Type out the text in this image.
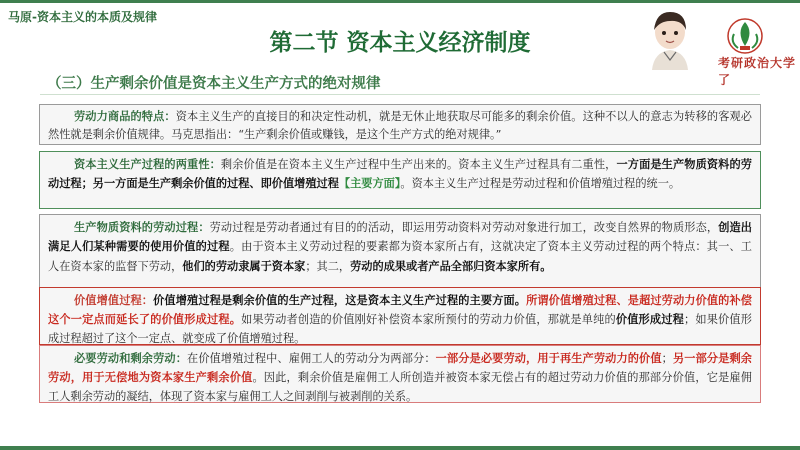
马原-资本主义的本质及规律
第二节 资本主义经济制度
考研政治大学了
（三）生产剩余价值是资本主义生产方式的绝对规律
劳动力商品的特点：资本主义生产的直接目的和决定性动机，就是无休止地获取尽可能多的剩余价值。这种不以人的意志为转移的客观必然性就是剩余价值规律。马克思指出：“生产剩余价值或赚钱，是这个生产方式的绝对规律。”
资本主义生产过程的两重性：剩余价值是在资本主义生产过程中生产出来的。资本主义生产过程具有二重性，一方面是生产物质资料的劳动过程；另一方面是生产剩余价值的过程、即价值增殖过程【主要方面】。资本主义生产过程是劳动过程和价值增殖过程的统一。
生产物质资料的劳动过程：劳动过程是劳动者通过有目的的活动，即运用劳动资料对劳动对象进行加工，改变自然界的物质形态，创造出满足人们某种需要的使用价值的过程。由于资本主义劳动过程的要素都为资本家所占有，这就决定了资本主义劳动过程的两个特点：其一、工人在资本家的监督下劳动，他们的劳动隶属于资本家；其二，劳动的成果或者产品全部归资本家所有。
价值增值过程：价值增殖过程是剩余价值的生产过程，这是资本主义生产过程的主要方面。所谓价值增殖过程、是超过劳动力价值的补偿这个一定点而延长了的价值形成过程。如果劳动者创造的价值刚好补偿资本家所预付的劳动力价值，那就是单纯的价值形成过程；如果价值形成过程超过了这个一定点、就变成了价值增殖过程。
必要劳动和剩余劳动：在价值增殖过程中、雇佣工人的劳动分为两部分：一部分是必要劳动，用于再生产劳动力的价值；另一部分是剩余劳动，用于无偿地为资本家生产剩余价值。因此，剩余价值是雇佣工人所创造并被资本家无偿占有的超过劳动力价值的那部分价值，它是雇佣工人剩余劳动的凝结，体现了资本家与雇佣工人之间剥削与被剥削的关系。
